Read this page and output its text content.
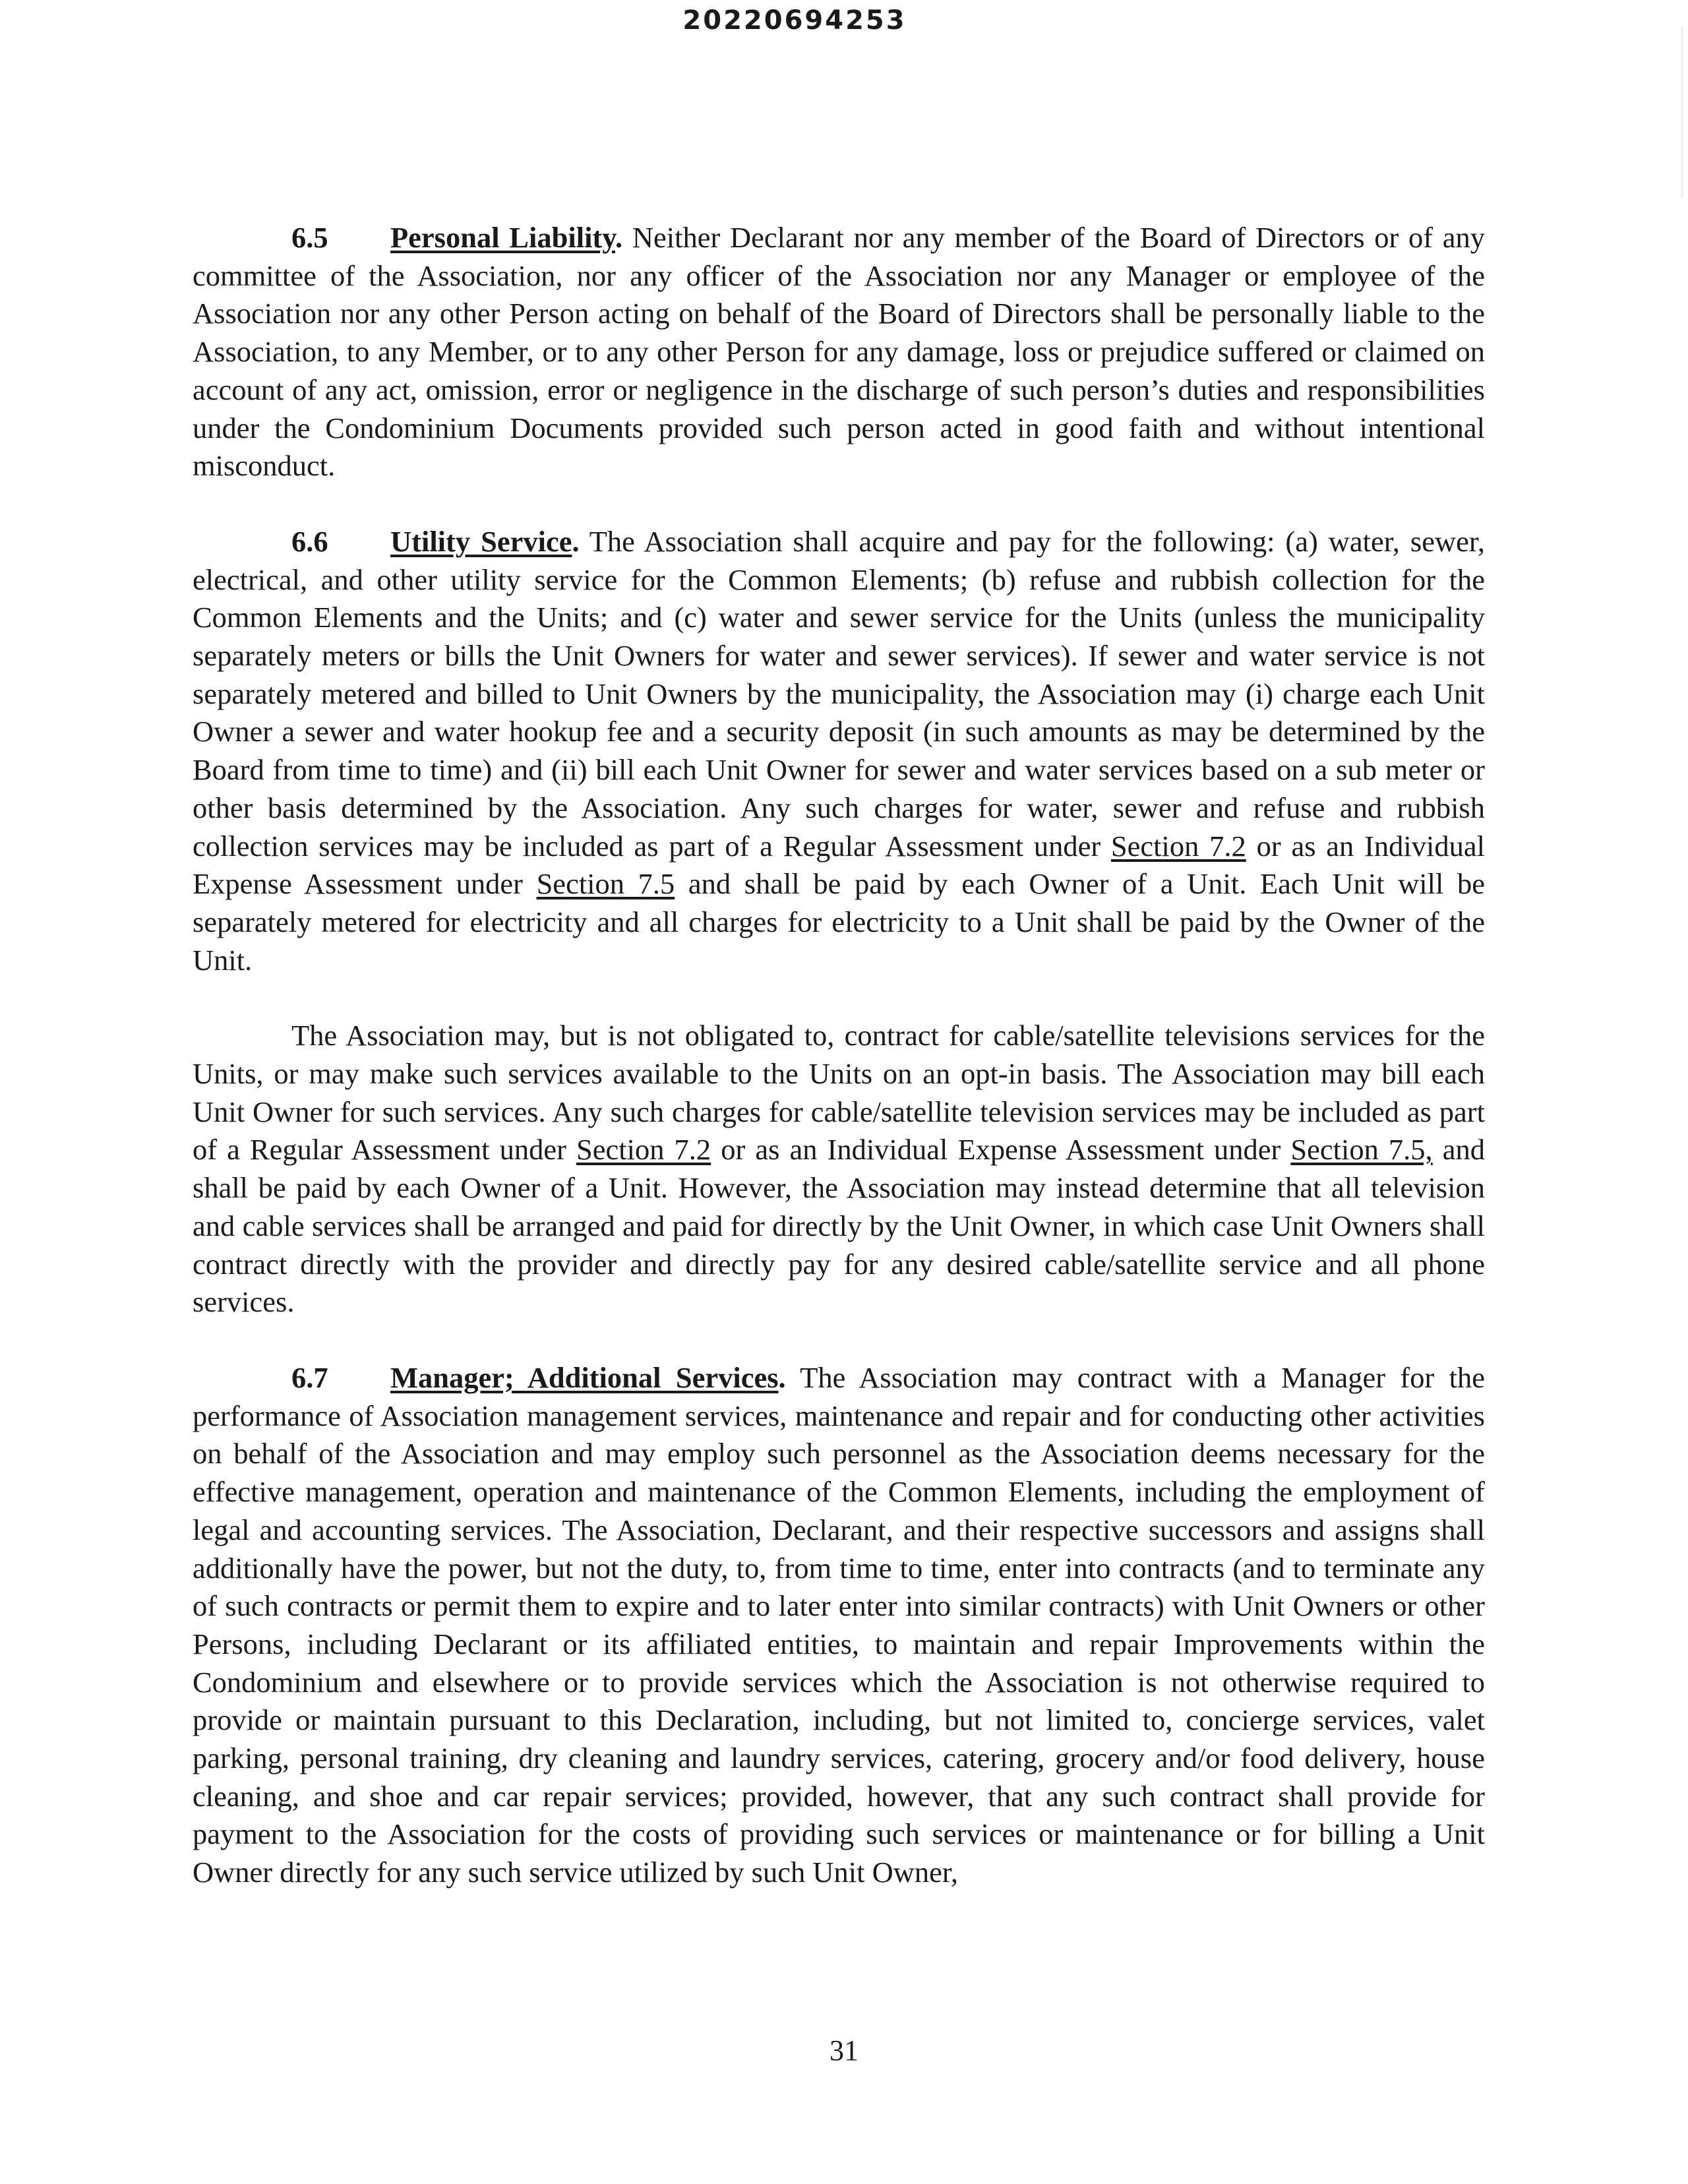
20220694253

6.5 Personal Liability. Neither Declarant nor any member of the Board of Directors or of any committee of the Association, nor any officer of the Association nor any Manager or employee of the Association nor any other Person acting on behalf of the Board of Directors shall be personally liable to the Association, to any Member, or to any other Person for any damage, loss or prejudice suffered or claimed on account of any act, omission, error or negligence in the discharge of such person’s duties and responsibilities under the Condominium Documents provided such person acted in good faith and without intentional misconduct.

6.6 Utility Service. The Association shall acquire and pay for the following: (a) water, sewer, electrical, and other utility service for the Common Elements; (b) refuse and rubbish collection for the Common Elements and the Units; and (c) water and sewer service for the Units (unless the municipality separately meters or bills the Unit Owners for water and sewer services). If sewer and water service is not separately metered and billed to Unit Owners by the municipality, the Association may (i) charge each Unit Owner a sewer and water hookup fee and a security deposit (in such amounts as may be determined by the Board from time to time) and (ii) bill each Unit Owner for sewer and water services based on a sub meter or other basis determined by the Association. Any such charges for water, sewer and refuse and rubbish collection services may be included as part of a Regular Assessment under Section 7.2 or as an Individual Expense Assessment under Section 7.5 and shall be paid by each Owner of a Unit. Each Unit will be separately metered for electricity and all charges for electricity to a Unit shall be paid by the Owner of the Unit.

The Association may, but is not obligated to, contract for cable/satellite televisions services for the Units, or may make such services available to the Units on an opt-in basis. The Association may bill each Unit Owner for such services. Any such charges for cable/satellite television services may be included as part of a Regular Assessment under Section 7.2 or as an Individual Expense Assessment under Section 7.5, and shall be paid by each Owner of a Unit. However, the Association may instead determine that all television and cable services shall be arranged and paid for directly by the Unit Owner, in which case Unit Owners shall contract directly with the provider and directly pay for any desired cable/satellite service and all phone services.

6.7 Manager; Additional Services. The Association may contract with a Manager for the performance of Association management services, maintenance and repair and for conducting other activities on behalf of the Association and may employ such personnel as the Association deems necessary for the effective management, operation and maintenance of the Common Elements, including the employment of legal and accounting services. The Association, Declarant, and their respective successors and assigns shall additionally have the power, but not the duty, to, from time to time, enter into contracts (and to terminate any of such contracts or permit them to expire and to later enter into similar contracts) with Unit Owners or other Persons, including Declarant or its affiliated entities, to maintain and repair Improvements within the Condominium and elsewhere or to provide services which the Association is not otherwise required to provide or maintain pursuant to this Declaration, including, but not limited to, concierge services, valet parking, personal training, dry cleaning and laundry services, catering, grocery and/or food delivery, house cleaning, and shoe and car repair services; provided, however, that any such contract shall provide for payment to the Association for the costs of providing such services or maintenance or for billing a Unit Owner directly for any such service utilized by such Unit Owner,

31
